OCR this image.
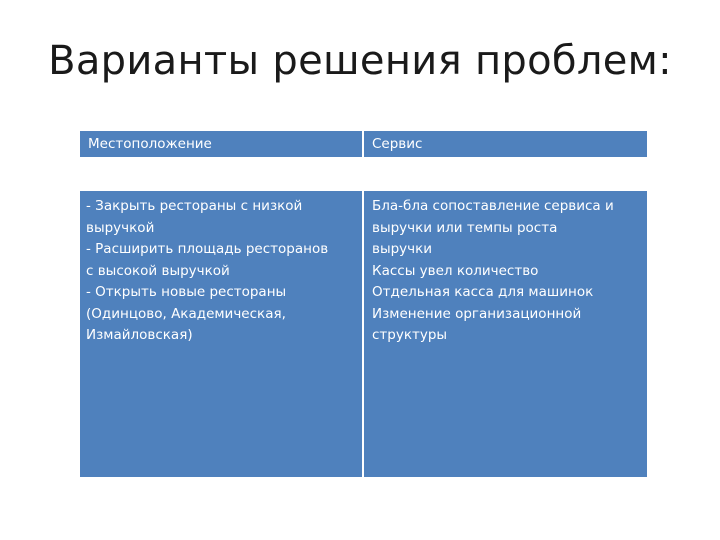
Варианты решения проблем:
Местоположение	Сервис
- Закрыть рестораны с низкой
выручкой
- Расширить площадь ресторанов
с высокой выручкой
- Открыть новые рестораны
(Одинцово, Академическая,
Измайловская)
Бла-бла сопоставление сервиса и
выручки или темпы роста
выручки
Кассы увел количество
Отдельная касса для машинок
Изменение организационной
структуры
